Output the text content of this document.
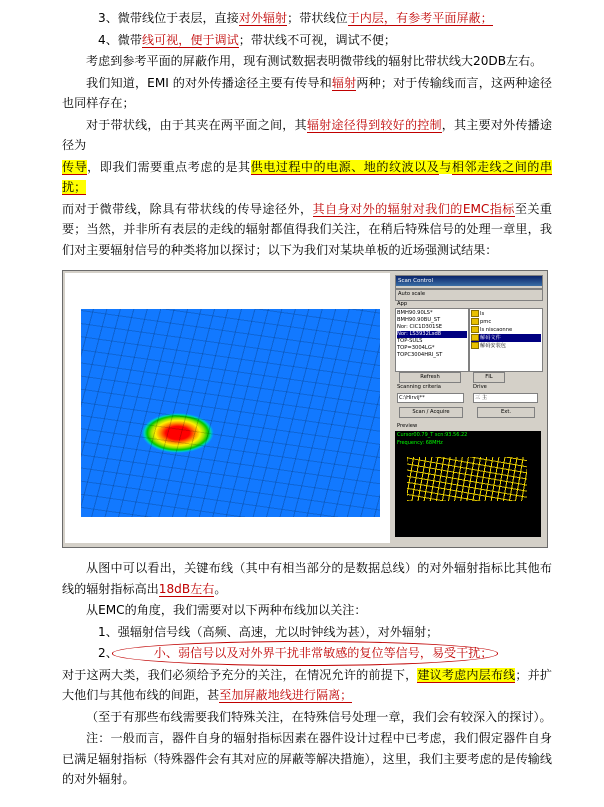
3、微带线位于表层，直接对外辐射；带状线位于内层，有参考平面屏蔽；

4、微带线可视，便于调试；带状线不可视，调试不便；

考虑到参考平面的屏蔽作用，现有测试数据表明微带线的辐射比带状线大20DB左右。

我们知道，EMI 的对外传播途径主要有传导和辐射两种；对于传输线而言，这两种途径也同样存在；

对于带状线，由于其夹在两平面之间，其辐射途径得到较好的控制，其主要对外传播途径为

传导，即我们需要重点考虑的是其供电过程中的电源、地的纹波以及与相邻走线之间的串扰；

而对于微带线，除具有带状线的传导途径外，其自身对外的辐射对我们的EMC指标至关重要；当然，并非所有表层的走线的辐射都值得我们关注，在稍后特殊信号的处理一章里，我们对主要辐射信号的种类将加以探讨；以下为我们对某块单板的近场强测试结果：

Scan Control
Auto scale
App
BMH90.90LS*
BMH90.90BU_ST
Nor: CIC1D301SE
Nor: LS3932Lsd8
TOP-SULS
TOP=3004LG*
TOPC3004HRI_ST
ls
pmc
ls niscaonne
解码文件
解码安装包
Refresh	FIL
Scanning criteria	Drive
C:\Hirvij**	三 主
Scan / Acquire	Ext.
Preview
Cursor00.79_T scn:93.56.22
Frequency: 68MHz

从图中可以看出，关键布线（其中有相当部分的是数据总线）的对外辐射指标比其他布线的辐射指标高出18dB左右。

从EMC的角度，我们需要对以下两种布线加以关注：

1、强辐射信号线（高频、高速，尤以时钟线为甚），对外辐射；

2、	小、弱信号以及对外界干扰非常敏感的复位等信号，易受干扰；

对于这两大类，我们必须给予充分的关注，在情况允许的前提下，建议考虑内层布线；并扩大他们与其他布线的间距，甚至加屏蔽地线进行隔离；

（至于有那些布线需要我们特殊关注，在特殊信号处理一章，我们会有较深入的探讨）。

注：一般而言，器件自身的辐射指标因素在器件设计过程中已考虑，我们假定器件自身已满足辐射指标（特殊器件会有其对应的屏蔽等解决措施），这里，我们主要考虑的是传输线的对外辐射。
